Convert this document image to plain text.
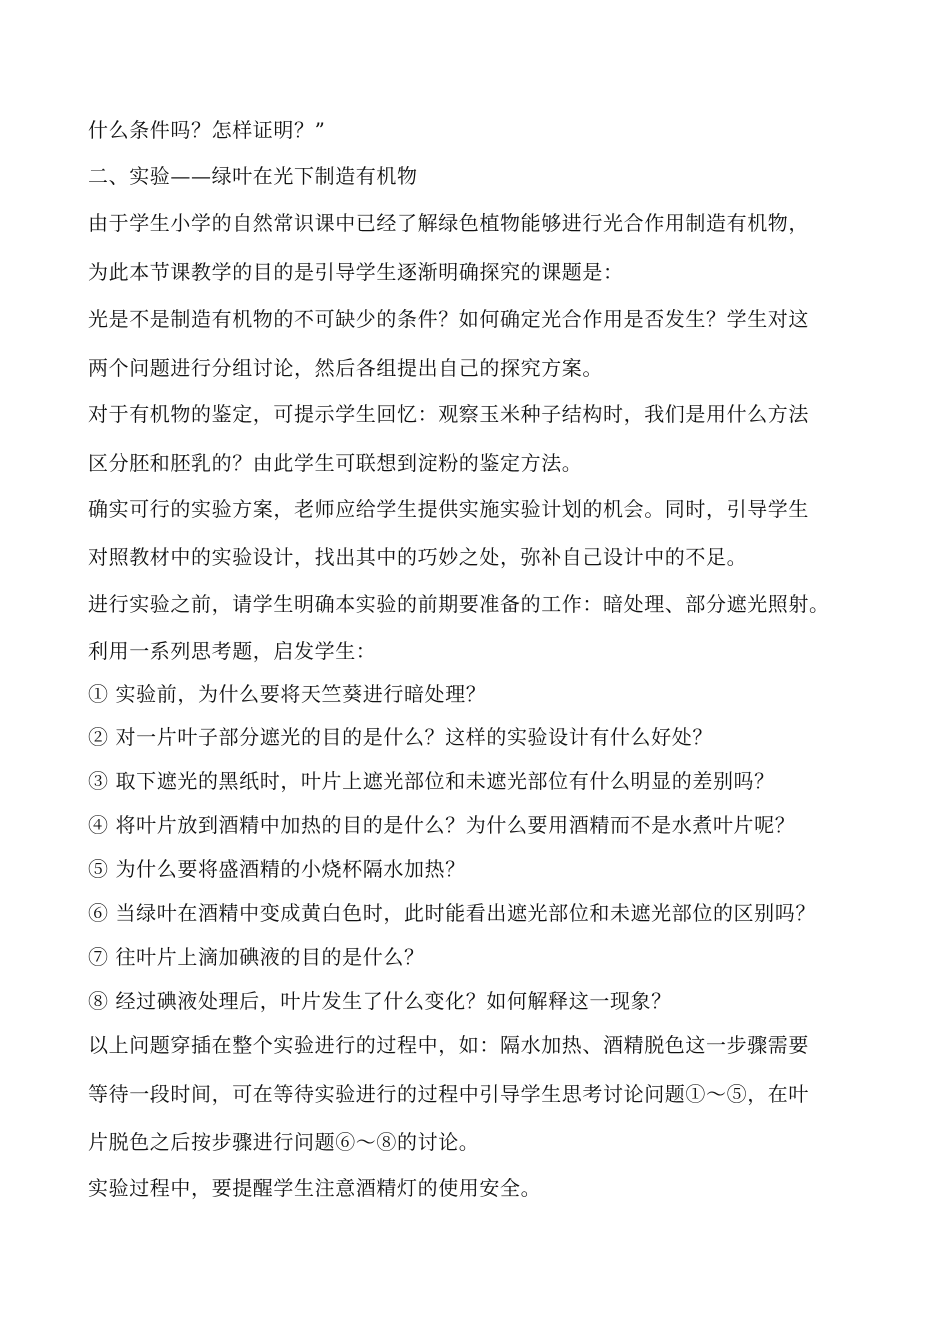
什么条件吗？怎样证明？”
二、实验——绿叶在光下制造有机物
由于学生小学的自然常识课中已经了解绿色植物能够进行光合作用制造有机物，
为此本节课教学的目的是引导学生逐渐明确探究的课题是：
光是不是制造有机物的不可缺少的条件？如何确定光合作用是否发生？学生对这
两个问题进行分组讨论，然后各组提出自己的探究方案。
对于有机物的鉴定，可提示学生回忆：观察玉米种子结构时，我们是用什么方法
区分胚和胚乳的？由此学生可联想到淀粉的鉴定方法。
确实可行的实验方案，老师应给学生提供实施实验计划的机会。同时，引导学生
对照教材中的实验设计，找出其中的巧妙之处，弥补自己设计中的不足。
进行实验之前，请学生明确本实验的前期要准备的工作：暗处理、部分遮光照射。
利用一系列思考题，启发学生：
① 实验前，为什么要将天竺葵进行暗处理？
② 对一片叶子部分遮光的目的是什么？这样的实验设计有什么好处？
③ 取下遮光的黑纸时，叶片上遮光部位和未遮光部位有什么明显的差别吗？
④ 将叶片放到酒精中加热的目的是什么？为什么要用酒精而不是水煮叶片呢？
⑤ 为什么要将盛酒精的小烧杯隔水加热？
⑥ 当绿叶在酒精中变成黄白色时，此时能看出遮光部位和未遮光部位的区别吗？
⑦ 往叶片上滴加碘液的目的是什么？
⑧ 经过碘液处理后，叶片发生了什么变化？如何解释这一现象？
以上问题穿插在整个实验进行的过程中，如：隔水加热、酒精脱色这一步骤需要
等待一段时间，可在等待实验进行的过程中引导学生思考讨论问题①～⑤，在叶
片脱色之后按步骤进行问题⑥～⑧的讨论。
实验过程中，要提醒学生注意酒精灯的使用安全。
